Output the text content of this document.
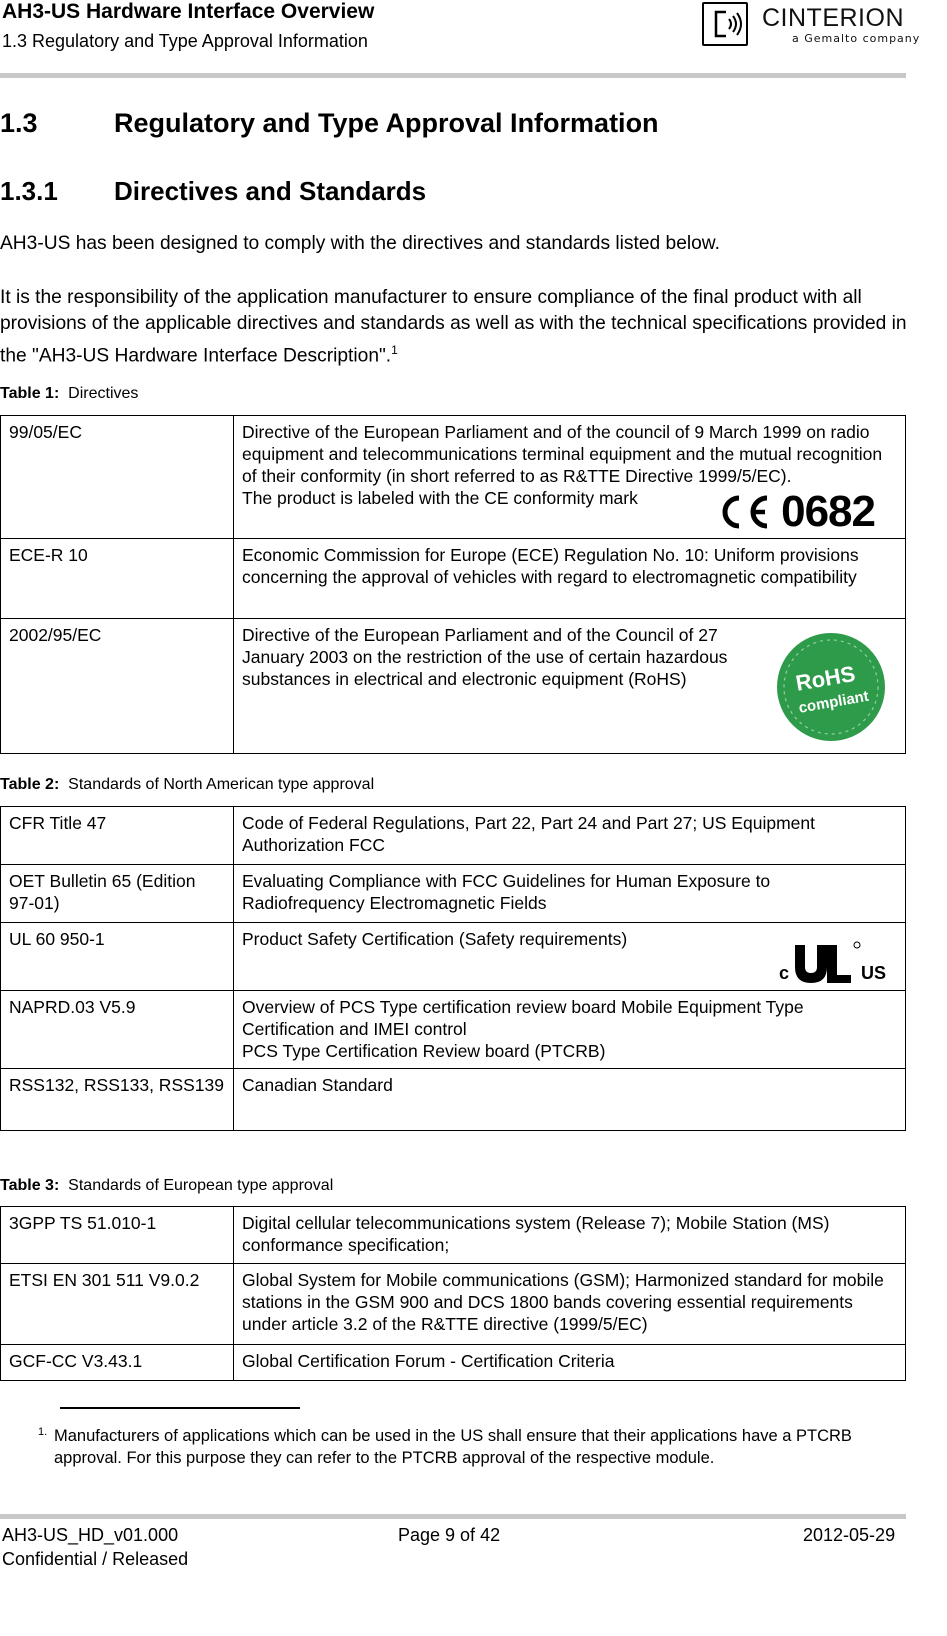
AH3-US Hardware Interface Overview
1.3 Regulatory and Type Approval Information
CINTERION
a Gemalto company
1.3	Regulatory and Type Approval Information
1.3.1 Directives and Standards
AH3-US has been designed to comply with the directives and standards listed below.
It is the responsibility of the application manufacturer to ensure compliance of the final product with all provisions of the applicable directives and standards as well as with the technical specifications provided in the "AH3-US Hardware Interface Description".$^1$
Table 1: Directives
99/05/EC	Directive of the European Parliament and of the council of 9 March 1999 on radio equipment and telecommunications terminal equipment and the mutual recognition of their conformity (in short referred to as R&TTE Directive 1999/5/EC).
The product is labeled with the CE conformity mark 0682

ECE-R 10	Economic Commission for Europe (ECE) Regulation No. 10: Uniform provisions concerning the approval of vehicles with regard to electromagnetic compatibility
2002/95/EC	Directive of the European Parliament and of the Council of 27 January 2003 on the restriction of the use of certain hazardous substances in electrical and electronic equipment (RoHS) RoHS
compliant
Table 2: Standards of North American type approval
CFR Title 47	Code of Federal Regulations, Part 22, Part 24 and Part 27; US Equipment Authorization FCC
OET Bulletin 65 (Edition 97-01)	Evaluating Compliance with FCC Guidelines for Human Exposure to Radiofrequency Electromagnetic Fields
UL 60 950-1	Product Safety Certification (Safety requirements)
c US

NAPRD.03 V5.9	Overview of PCS Type certification review board Mobile Equipment Type Certification and IMEI control
PCS Type Certification Review board (PTCRB)

RSS132, RSS133, RSS139	Canadian Standard
Table 3: Standards of European type approval
3GPP TS 51.010-1	Digital cellular telecommunications system (Release 7); Mobile Station (MS) conformance specification;
ETSI EN 301 511 V9.0.2	Global System for Mobile communications (GSM); Harmonized standard for mobile stations in the GSM 900 and DCS 1800 bands covering essential requirements under article 3.2 of the R&TTE directive (1999/5/EC)
GCF-CC V3.43.1	Global Certification Forum - Certification Criteria
1. Manufacturers of applications which can be used in the US shall ensure that their applications have a PTCRB approval. For this purpose they can refer to the PTCRB approval of the respective module.
AH3-US_HD_v01.000
Confidential / Released
Page 9 of 42	2012-05-29
